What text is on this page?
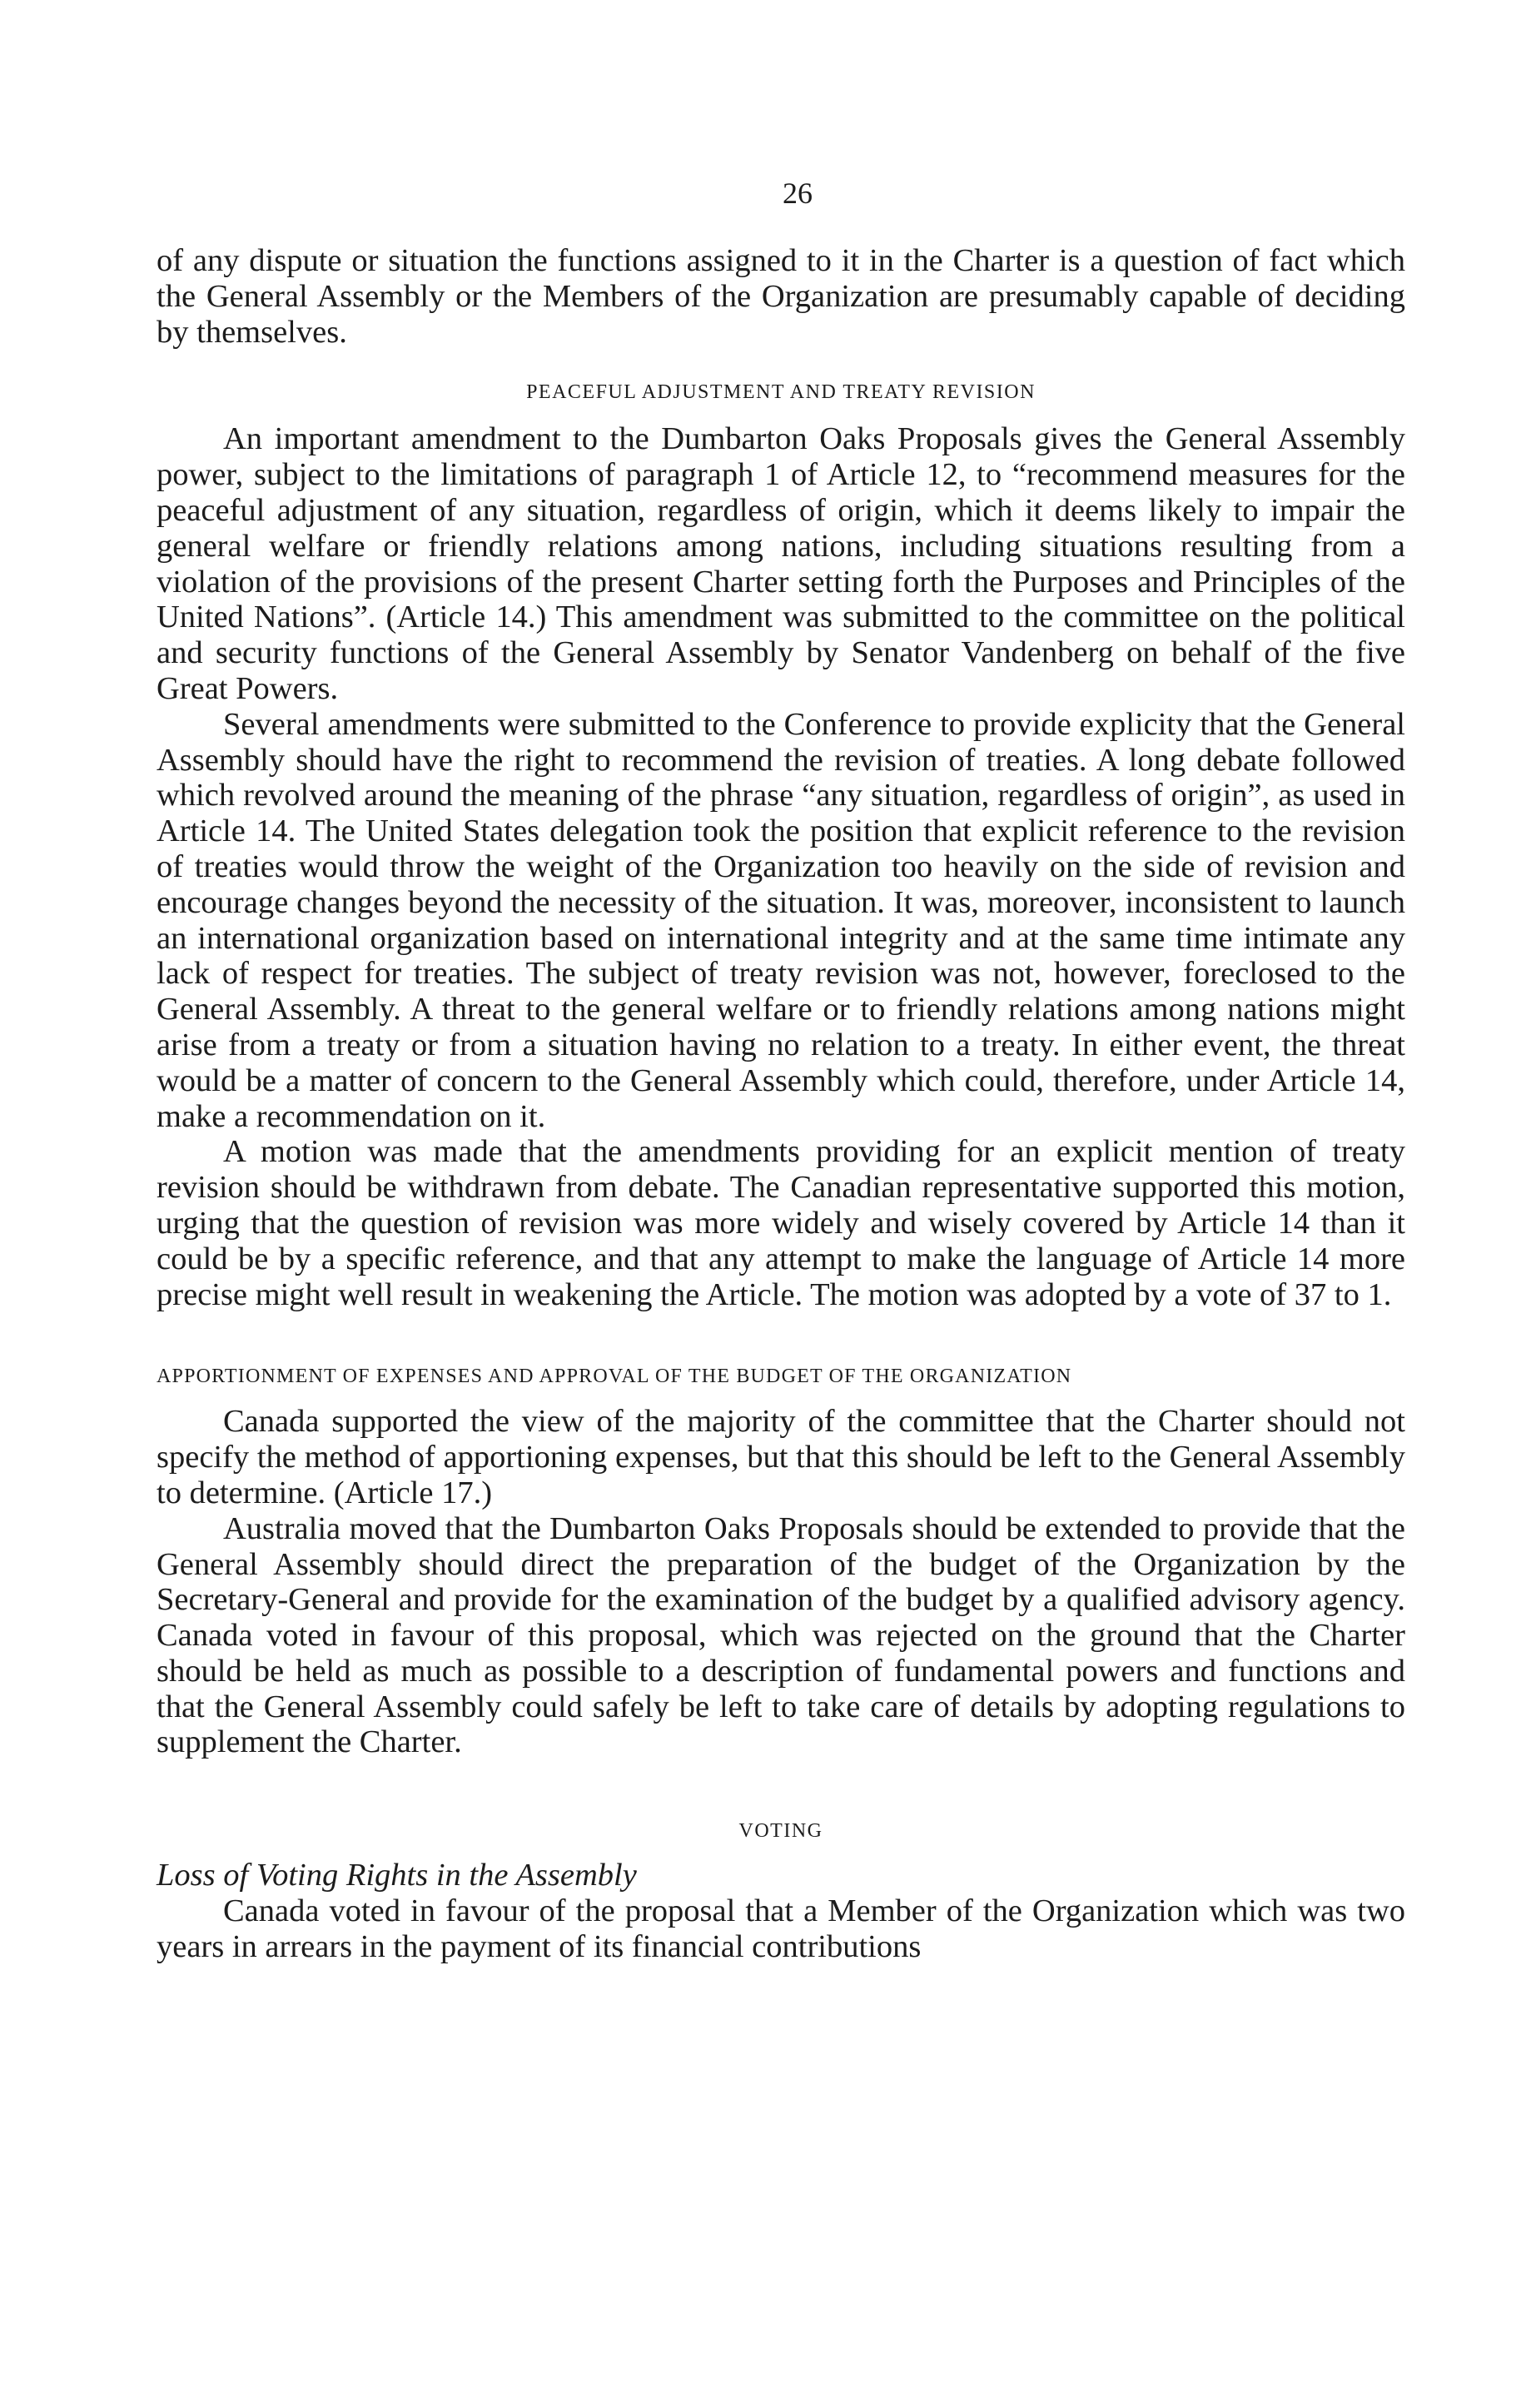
26

of any dispute or situation the functions assigned to it in the Charter is a question of fact which the General Assembly or the Members of the Organization are presumably capable of deciding by themselves.

PEACEFUL ADJUSTMENT AND TREATY REVISION

An important amendment to the Dumbarton Oaks Proposals gives the General Assembly power, subject to the limitations of paragraph 1 of Article 12, to “recommend measures for the peaceful adjustment of any situation, regardless of origin, which it deems likely to impair the general welfare or friendly relations among nations, including situations resulting from a violation of the provisions of the present Charter setting forth the Purposes and Principles of the United Nations”. (Article 14.) This amendment was submitted to the committee on the political and security functions of the General Assembly by Senator Vandenberg on behalf of the five Great Powers.

Several amendments were submitted to the Conference to provide explicity that the General Assembly should have the right to recommend the revision of treaties. A long debate followed which revolved around the meaning of the phrase “any situation, regardless of origin”, as used in Article 14. The United States delegation took the position that explicit reference to the revision of treaties would throw the weight of the Organization too heavily on the side of revision and encourage changes beyond the necessity of the situation. It was, moreover, inconsistent to launch an international organization based on international integrity and at the same time intimate any lack of respect for treaties. The subject of treaty revision was not, however, foreclosed to the General Assembly. A threat to the general welfare or to friendly relations among nations might arise from a treaty or from a situation having no relation to a treaty. In either event, the threat would be a matter of concern to the General Assembly which could, therefore, under Article 14, make a recommendation on it.

A motion was made that the amendments providing for an explicit mention of treaty revision should be withdrawn from debate. The Canadian representative supported this motion, urging that the question of revision was more widely and wisely covered by Article 14 than it could be by a specific reference, and that any attempt to make the language of Article 14 more precise might well result in weakening the Article. The motion was adopted by a vote of 37 to 1.

APPORTIONMENT OF EXPENSES AND APPROVAL OF THE BUDGET OF THE ORGANIZATION

Canada supported the view of the majority of the committee that the Charter should not specify the method of apportioning expenses, but that this should be left to the General Assembly to determine. (Article 17.)

Australia moved that the Dumbarton Oaks Proposals should be extended to provide that the General Assembly should direct the preparation of the budget of the Organization by the Secretary-General and provide for the examination of the budget by a qualified advisory agency. Canada voted in favour of this proposal, which was rejected on the ground that the Charter should be held as much as possible to a description of fundamental powers and functions and that the General Assembly could safely be left to take care of details by adopting regulations to supplement the Charter.

VOTING
Loss of Voting Rights in the Assembly

Canada voted in favour of the proposal that a Member of the Organization which was two years in arrears in the payment of its financial contributions
